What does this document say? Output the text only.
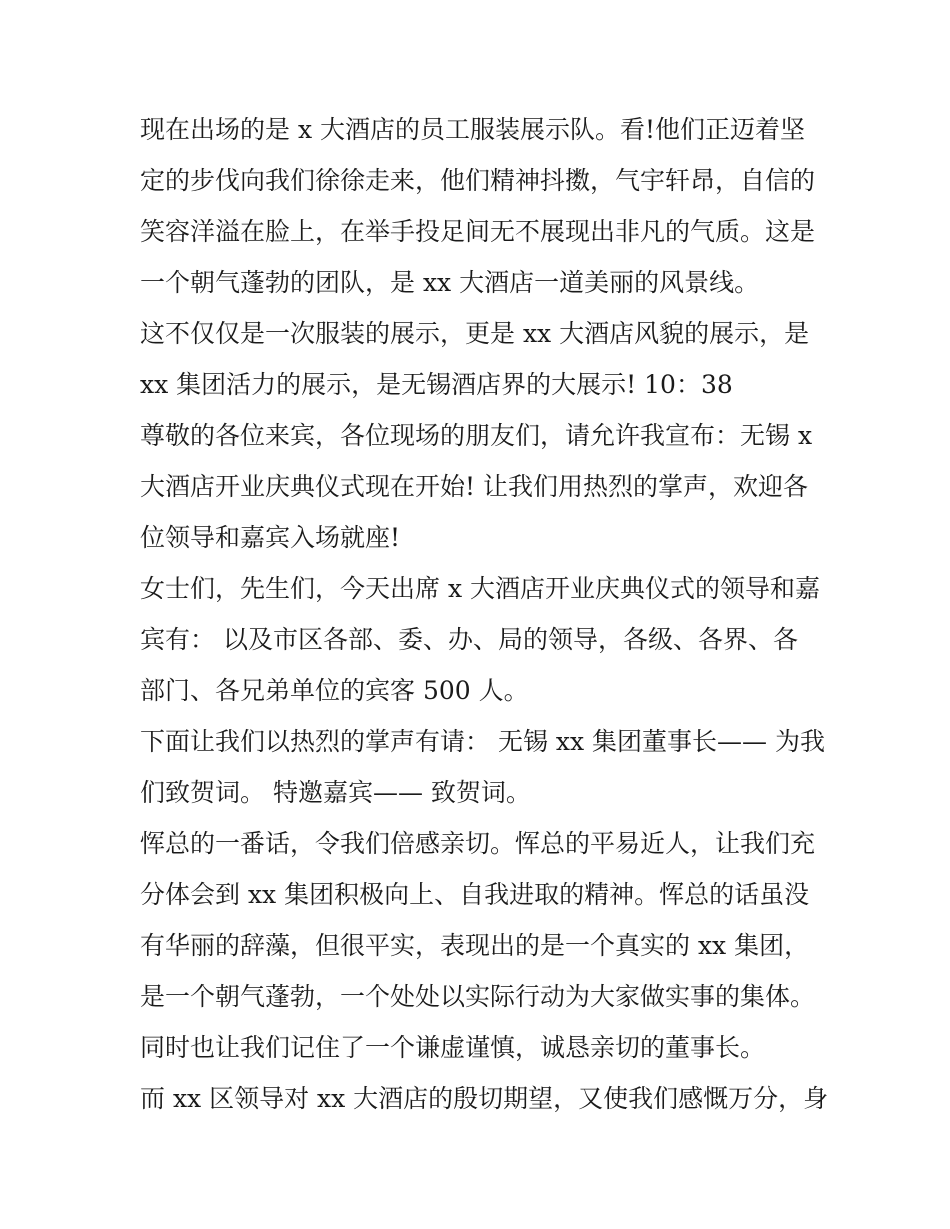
现在出场的是 x 大酒店的员工服装展示队。看!他们正迈着坚
定的步伐向我们徐徐走来，他们精神抖擞，气宇轩昂，自信的
笑容洋溢在脸上，在举手投足间无不展现出非凡的气质。这是
一个朝气蓬勃的团队，是 xx 大酒店一道美丽的风景线。
这不仅仅是一次服装的展示，更是 xx 大酒店风貌的展示，是
xx 集团活力的展示，是无锡酒店界的大展示! 10：38
尊敬的各位来宾，各位现场的朋友们，请允许我宣布：无锡 x
大酒店开业庆典仪式现在开始! 让我们用热烈的掌声，欢迎各
位领导和嘉宾入场就座!
女士们，先生们，今天出席 x 大酒店开业庆典仪式的领导和嘉
宾有： 以及市区各部、委、办、局的领导，各级、各界、各
部门、各兄弟单位的宾客 500 人。
下面让我们以热烈的掌声有请： 无锡 xx 集团董事长—— 为我
们致贺词。 特邀嘉宾—— 致贺词。
恽总的一番话，令我们倍感亲切。恽总的平易近人，让我们充
分体会到 xx 集团积极向上、自我进取的精神。恽总的话虽没
有华丽的辞藻，但很平实，表现出的是一个真实的 xx 集团，
是一个朝气蓬勃，一个处处以实际行动为大家做实事的集体。
同时也让我们记住了一个谦虚谨慎，诚恳亲切的董事长。
而 xx 区领导对 xx 大酒店的殷切期望，又使我们感慨万分，身
